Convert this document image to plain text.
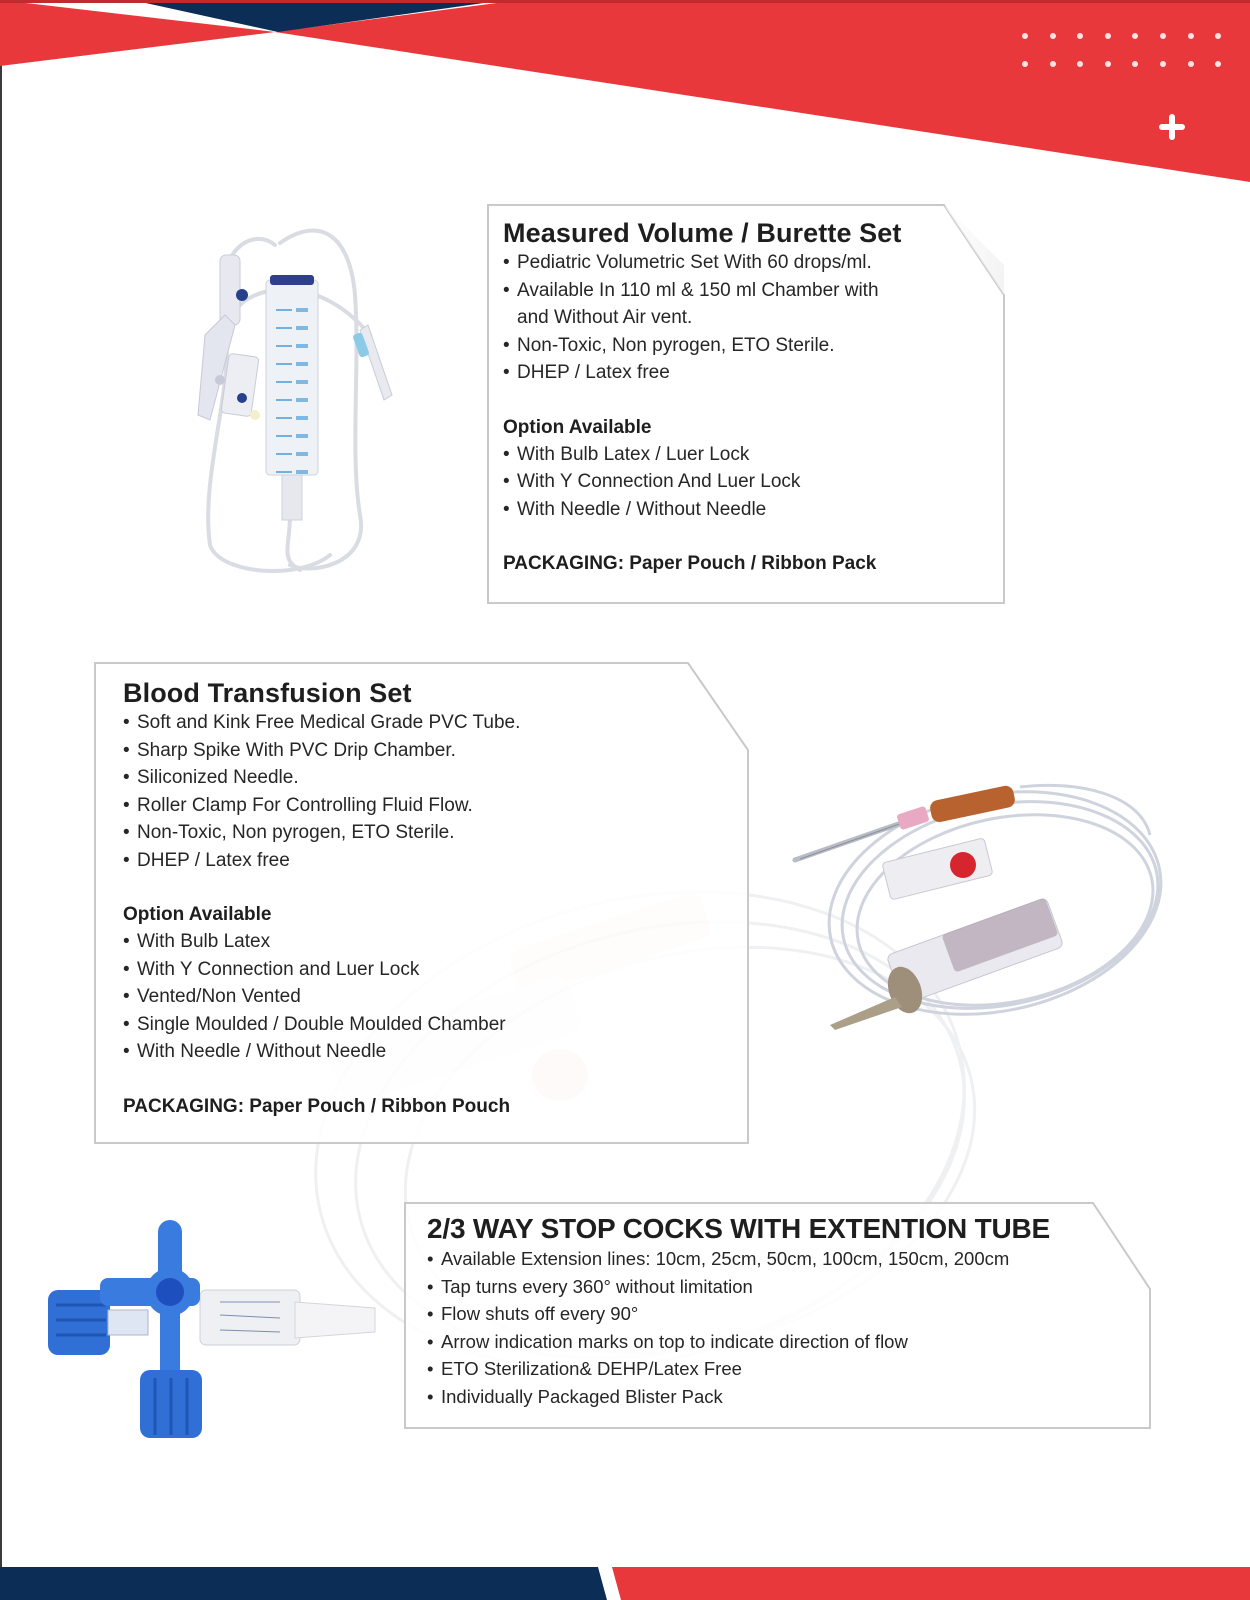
Measured Volume / Burette Set
• Pediatric Volumetric Set With 60 drops/ml.
• Available In 110 ml & 150 ml Chamber with
and Without Air vent.
• Non-Toxic, Non pyrogen, ETO Sterile.
• DHEP / Latex free
Option Available
• With Bulb Latex / Luer Lock
• With Y Connection And Luer Lock
• With Needle / Without Needle
PACKAGING: Paper Pouch / Ribbon Pack
Blood Transfusion Set
• Soft and Kink Free Medical Grade PVC Tube.
• Sharp Spike With PVC Drip Chamber.
• Siliconized Needle.
• Roller Clamp For Controlling Fluid Flow.
• Non-Toxic, Non pyrogen, ETO Sterile.
• DHEP / Latex free
Option Available
• With Bulb Latex
• With Y Connection and Luer Lock
• Vented/Non Vented
• Single Moulded / Double Moulded Chamber
• With Needle / Without Needle
PACKAGING: Paper Pouch / Ribbon Pouch
2/3 WAY STOP COCKS WITH EXTENTION TUBE
• Available Extension lines: 10cm, 25cm, 50cm, 100cm, 150cm, 200cm
• Tap turns every 360° without limitation
• Flow shuts off every 90°
• Arrow indication marks on top to indicate direction of flow
• ETO Sterilization& DEHP/Latex Free
• Individually Packaged Blister Pack
